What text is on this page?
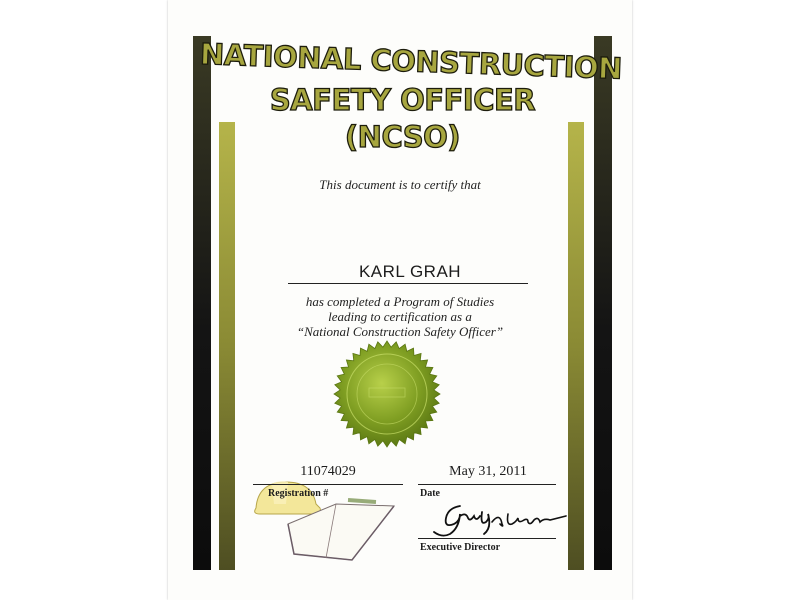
NATIONAL CONSTRUCTION
SAFETY OFFICER
(NCSO)
This document is to certify that
KARL GRAH
has completed a Program of Studies
leading to certification as a
“National Construction Safety Officer”
11074029
Registration #
May 31, 2011
Date
Executive Director
